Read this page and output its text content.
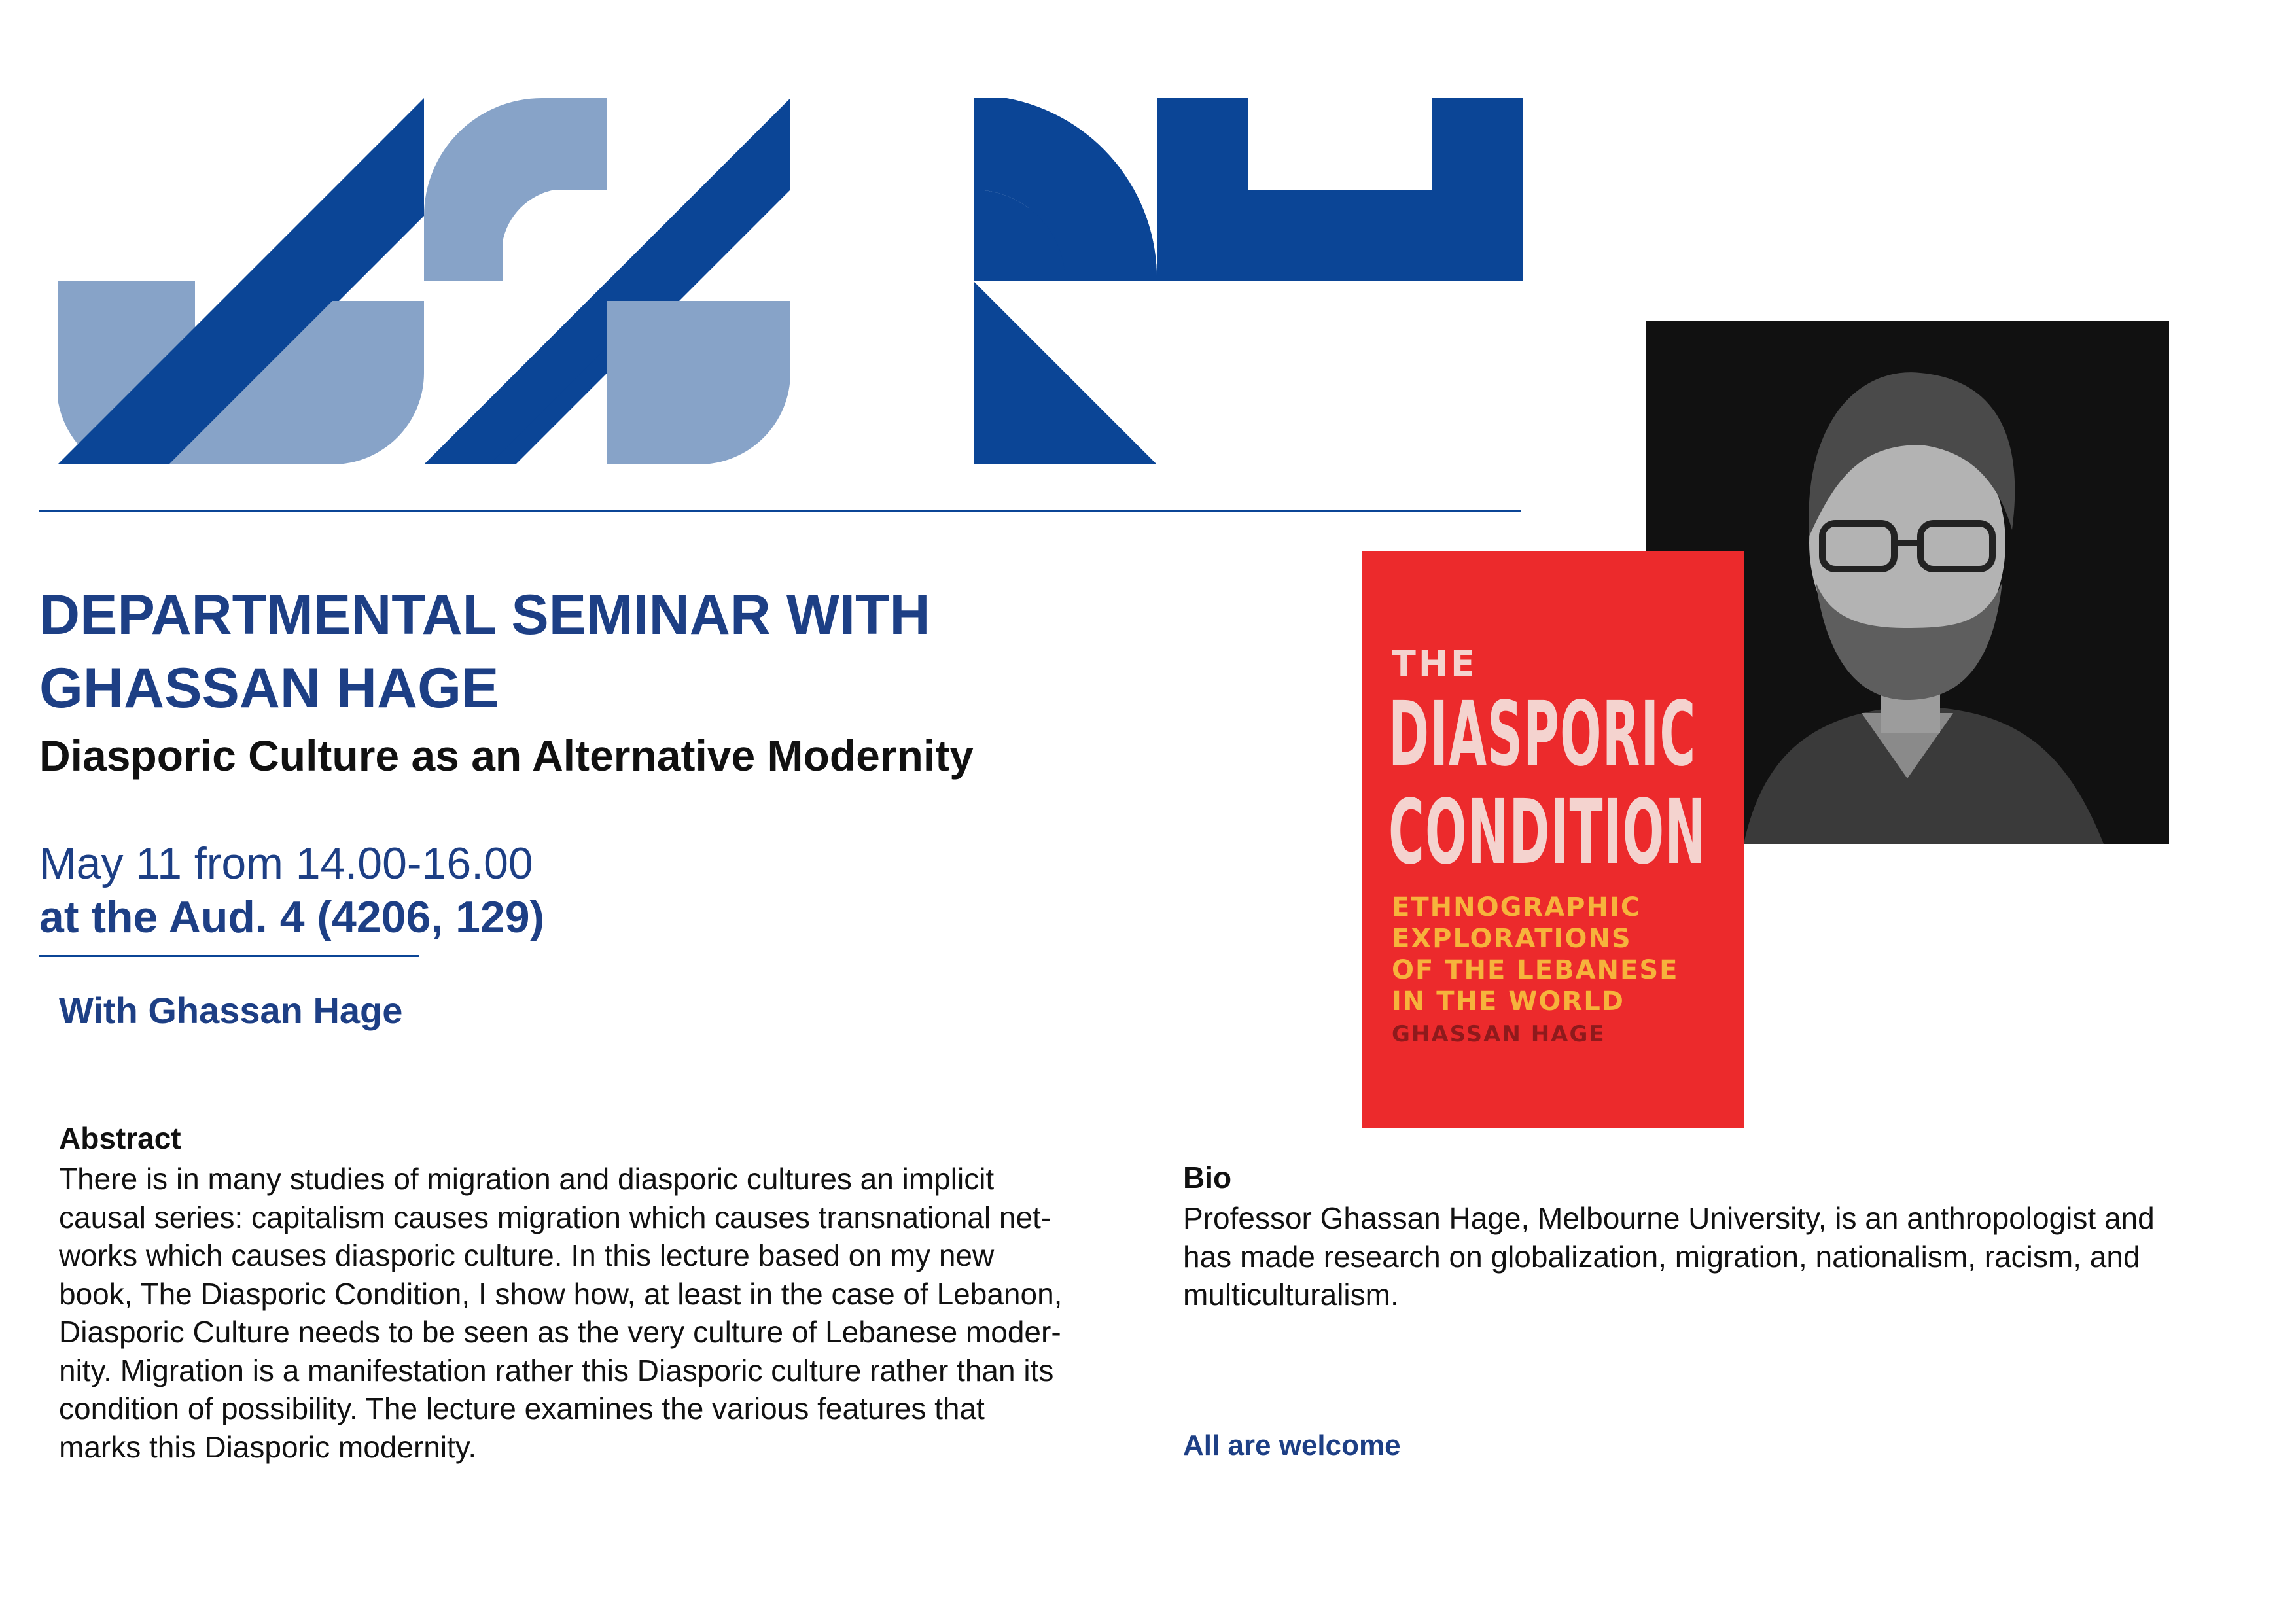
DEPARTMENTAL SEMINAR WITH
GHASSAN HAGE
Diasporic Culture as an Alternative Modernity
May 11 from 14.00-16.00
at the Aud. 4 (4206, 129)
With Ghassan Hage
Abstract
There is in many studies of migration and diasporic cultures an implicit
causal series: capitalism causes migration which causes transnational net-
works which causes diasporic culture. In this lecture based on my new
book, The Diasporic Condition, I show how, at least in the case of Lebanon,
Diasporic Culture needs to be seen as the very culture of Lebanese moder-
nity. Migration is a manifestation rather this Diasporic culture rather than its
condition of possibility. The lecture examines the various features that
marks this Diasporic modernity.
Bio
Professor Ghassan Hage, Melbourne University, is an anthropologist and
has made research on globalization, migration, nationalism, racism, and
multiculturalism.
All are welcome
THE
DIASPORIC
CONDITION
ETHNOGRAPHIC
EXPLORATIONS
OF THE LEBANESE
IN THE WORLD
GHASSAN HAGE
